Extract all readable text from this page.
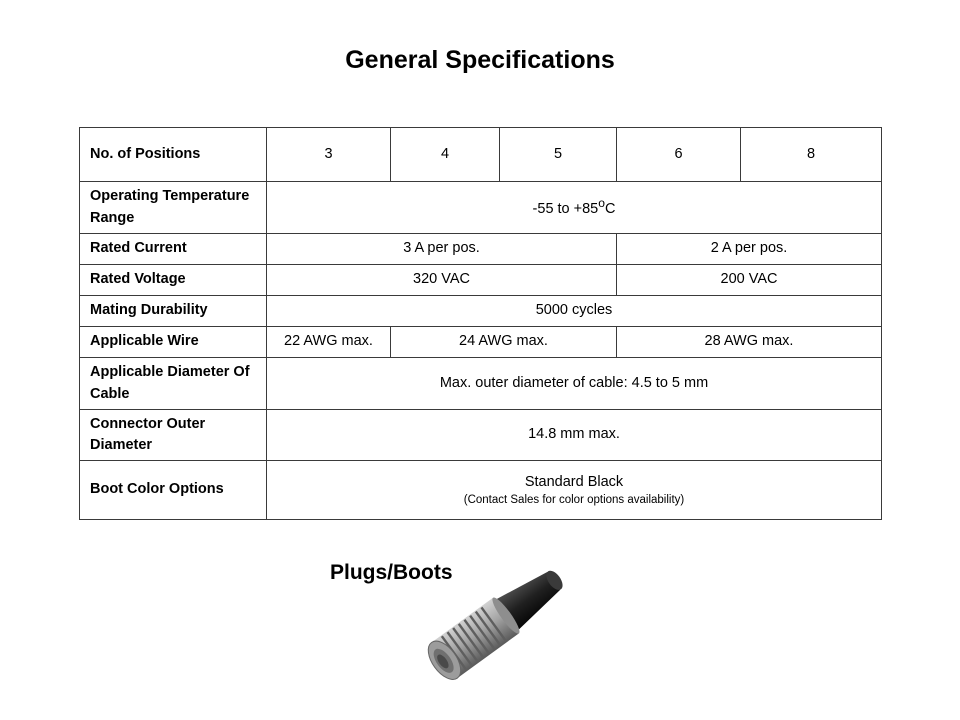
General Specifications
No. of Positions	3	4	5	6	8
Operating Temperature Range	-55 to $+85^oC$				
Rated Current	3 A per pos.			2 A per pos.	
Rated Voltage	320 VAC			200 VAC	
Mating Durability	5000 cycles				
Applicable Wire	22 AWG max.	24 AWG max.		28 AWG max.	
Applicable Diameter Of Cable	Max. outer diameter of cable: 4.5 to 5 mm				
Connector Outer Diameter	14.8 mm max.				
Boot Color Options	Standard Black
(Contact Sales for color options availability)				
Plugs/Boots
